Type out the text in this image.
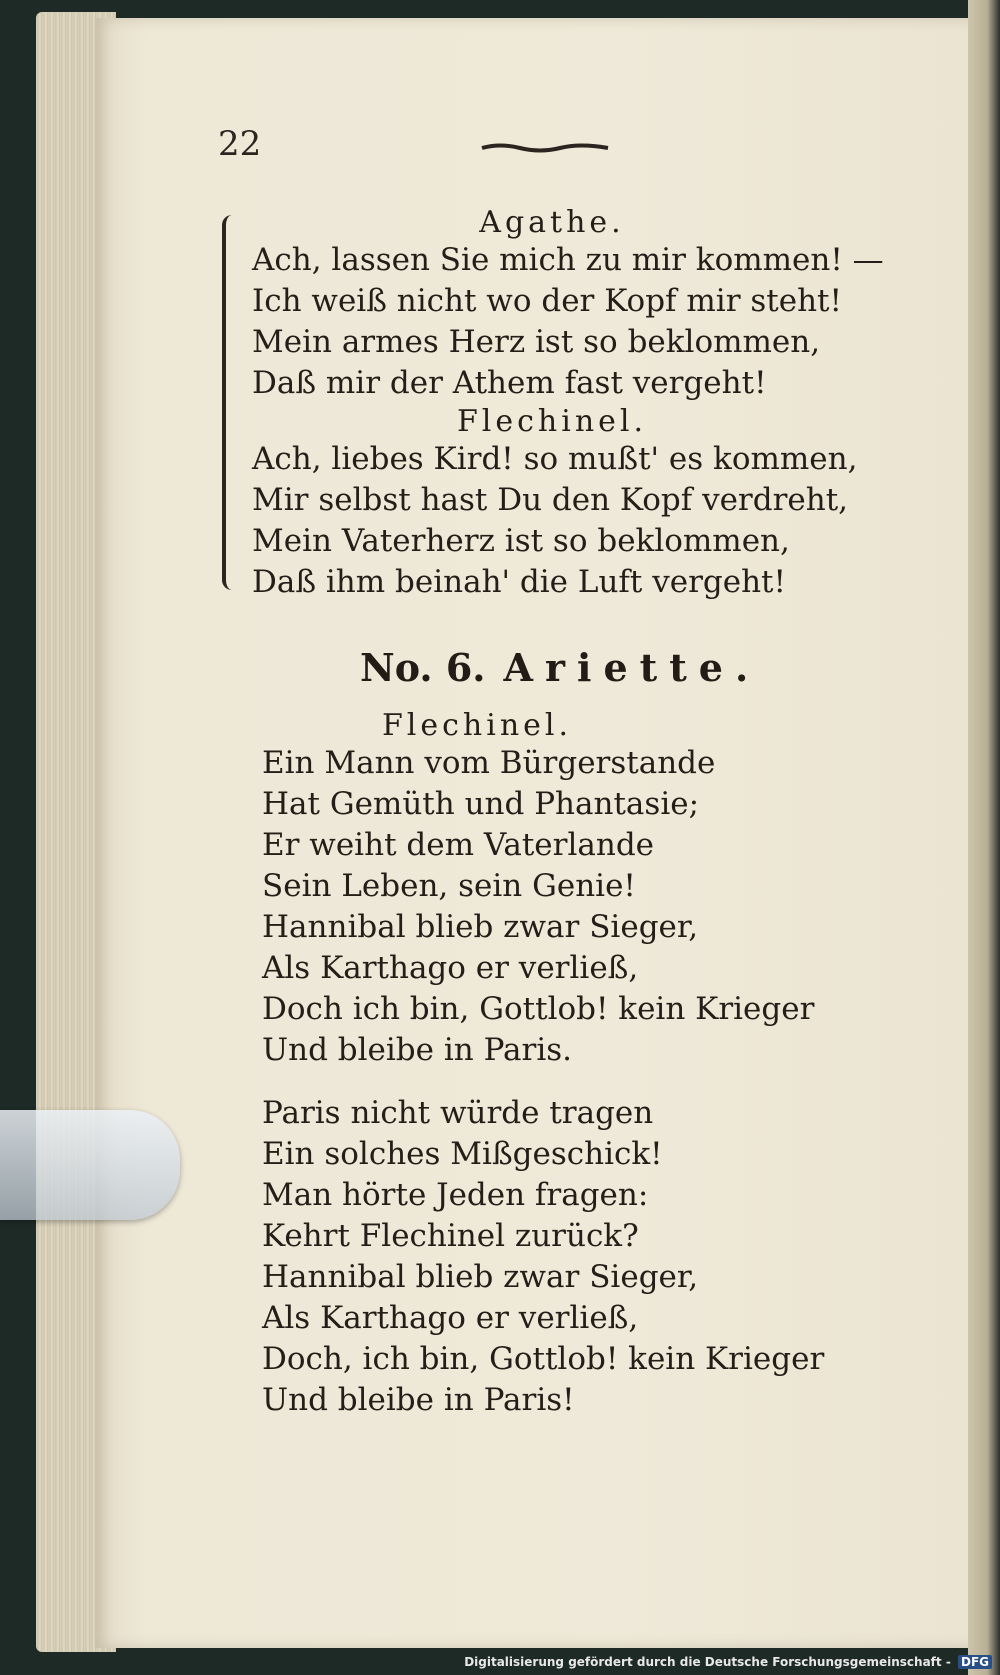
22
Agathe.
Ach, lassen Sie mich zu mir kommen! —
Ich weiß nicht wo der Kopf mir steht!
Mein armes Herz ist so beklommen,
Daß mir der Athem fast vergeht!
Flechinel.
Ach, liebes Kird! so mußt' es kommen,
Mir selbst hast Du den Kopf verdreht,
Mein Vaterherz ist so beklommen,
Daß ihm beinah' die Luft vergeht!
No. 6. Ariette.
Flechinel.
Ein Mann vom Bürgerstande
Hat Gemüth und Phantasie;
Er weiht dem Vaterlande
Sein Leben, sein Genie!
Hannibal blieb zwar Sieger,
Als Karthago er verließ,
Doch ich bin, Gottlob! kein Krieger
Und bleibe in Paris.
Paris nicht würde tragen
Ein solches Mißgeschick!
Man hörte Jeden fragen:
Kehrt Flechinel zurück?
Hannibal blieb zwar Sieger,
Als Karthago er verließ,
Doch, ich bin, Gottlob! kein Krieger
Und bleibe in Paris!
Digitalisierung gefördert durch die Deutsche Forschungsgemeinschaft - DFG
